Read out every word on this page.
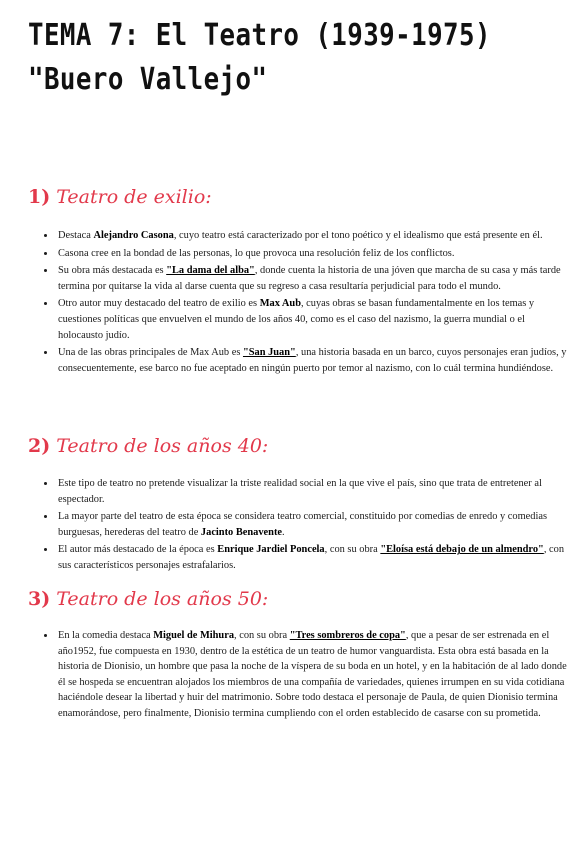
TEMA 7: El Teatro (1939-1975)
"Buero Vallejo"
1) Teatro de exilio:
• Destaca Alejandro Casona, cuyo teatro está caracterizado por el tono poético y el idealismo que está presente en él.
• Casona cree en la bondad de las personas, lo que provoca una resolución feliz de los conflictos.
• Su obra más destacada es "La dama del alba", donde cuenta la historia de una jóven que marcha de su casa y más tarde termina por quitarse la vida al darse cuenta que su regreso a casa resultaría perjudicial para todo el mundo.
• Otro autor muy destacado del teatro de exilio es Max Aub, cuyas obras se basan fundamentalmente en los temas y cuestiones políticas que envuelven el mundo de los años 40, como es el caso del nazismo, la guerra mundial o el holocausto judío.
• Una de las obras principales de Max Aub es "San Juan", una historia basada en un barco, cuyos personajes eran judíos, y consecuentemente, ese barco no fue aceptado en ningún puerto por temor al nazismo, con lo cuál termina hundiéndose.
2) Teatro de los años 40:
• Este tipo de teatro no pretende visualizar la triste realidad social en la que vive el país, sino que trata de entretener al espectador.
• La mayor parte del teatro de esta época se considera teatro comercial, constituido por comedias de enredo y comedias burguesas, herederas del teatro de Jacinto Benavente.
• El autor más destacado de la época es Enrique Jardiel Poncela, con su obra "Eloísa está debajo de un almendro", con sus característicos personajes estrafalarios.
3) Teatro de los años 50:
• En la comedia destaca Miguel de Mihura, con su obra "Tres sombreros de copa", que a pesar de ser estrenada en el año1952, fue compuesta en 1930, dentro de la estética de un teatro de humor vanguardista. Esta obra está basada en la historia de Dionisio, un hombre que pasa la noche de la víspera de su boda en un hotel, y en la habitación de al lado donde él se hospeda se encuentran alojados los miembros de una compañía de variedades, quienes irrumpen en su vida cotidiana haciéndole desear la libertad y huir del matrimonio. Sobre todo destaca el personaje de Paula, de quien Dionisio termina enamorándose, pero finalmente, Dionisio termina cumpliendo con el orden establecido de casarse con su prometida.
